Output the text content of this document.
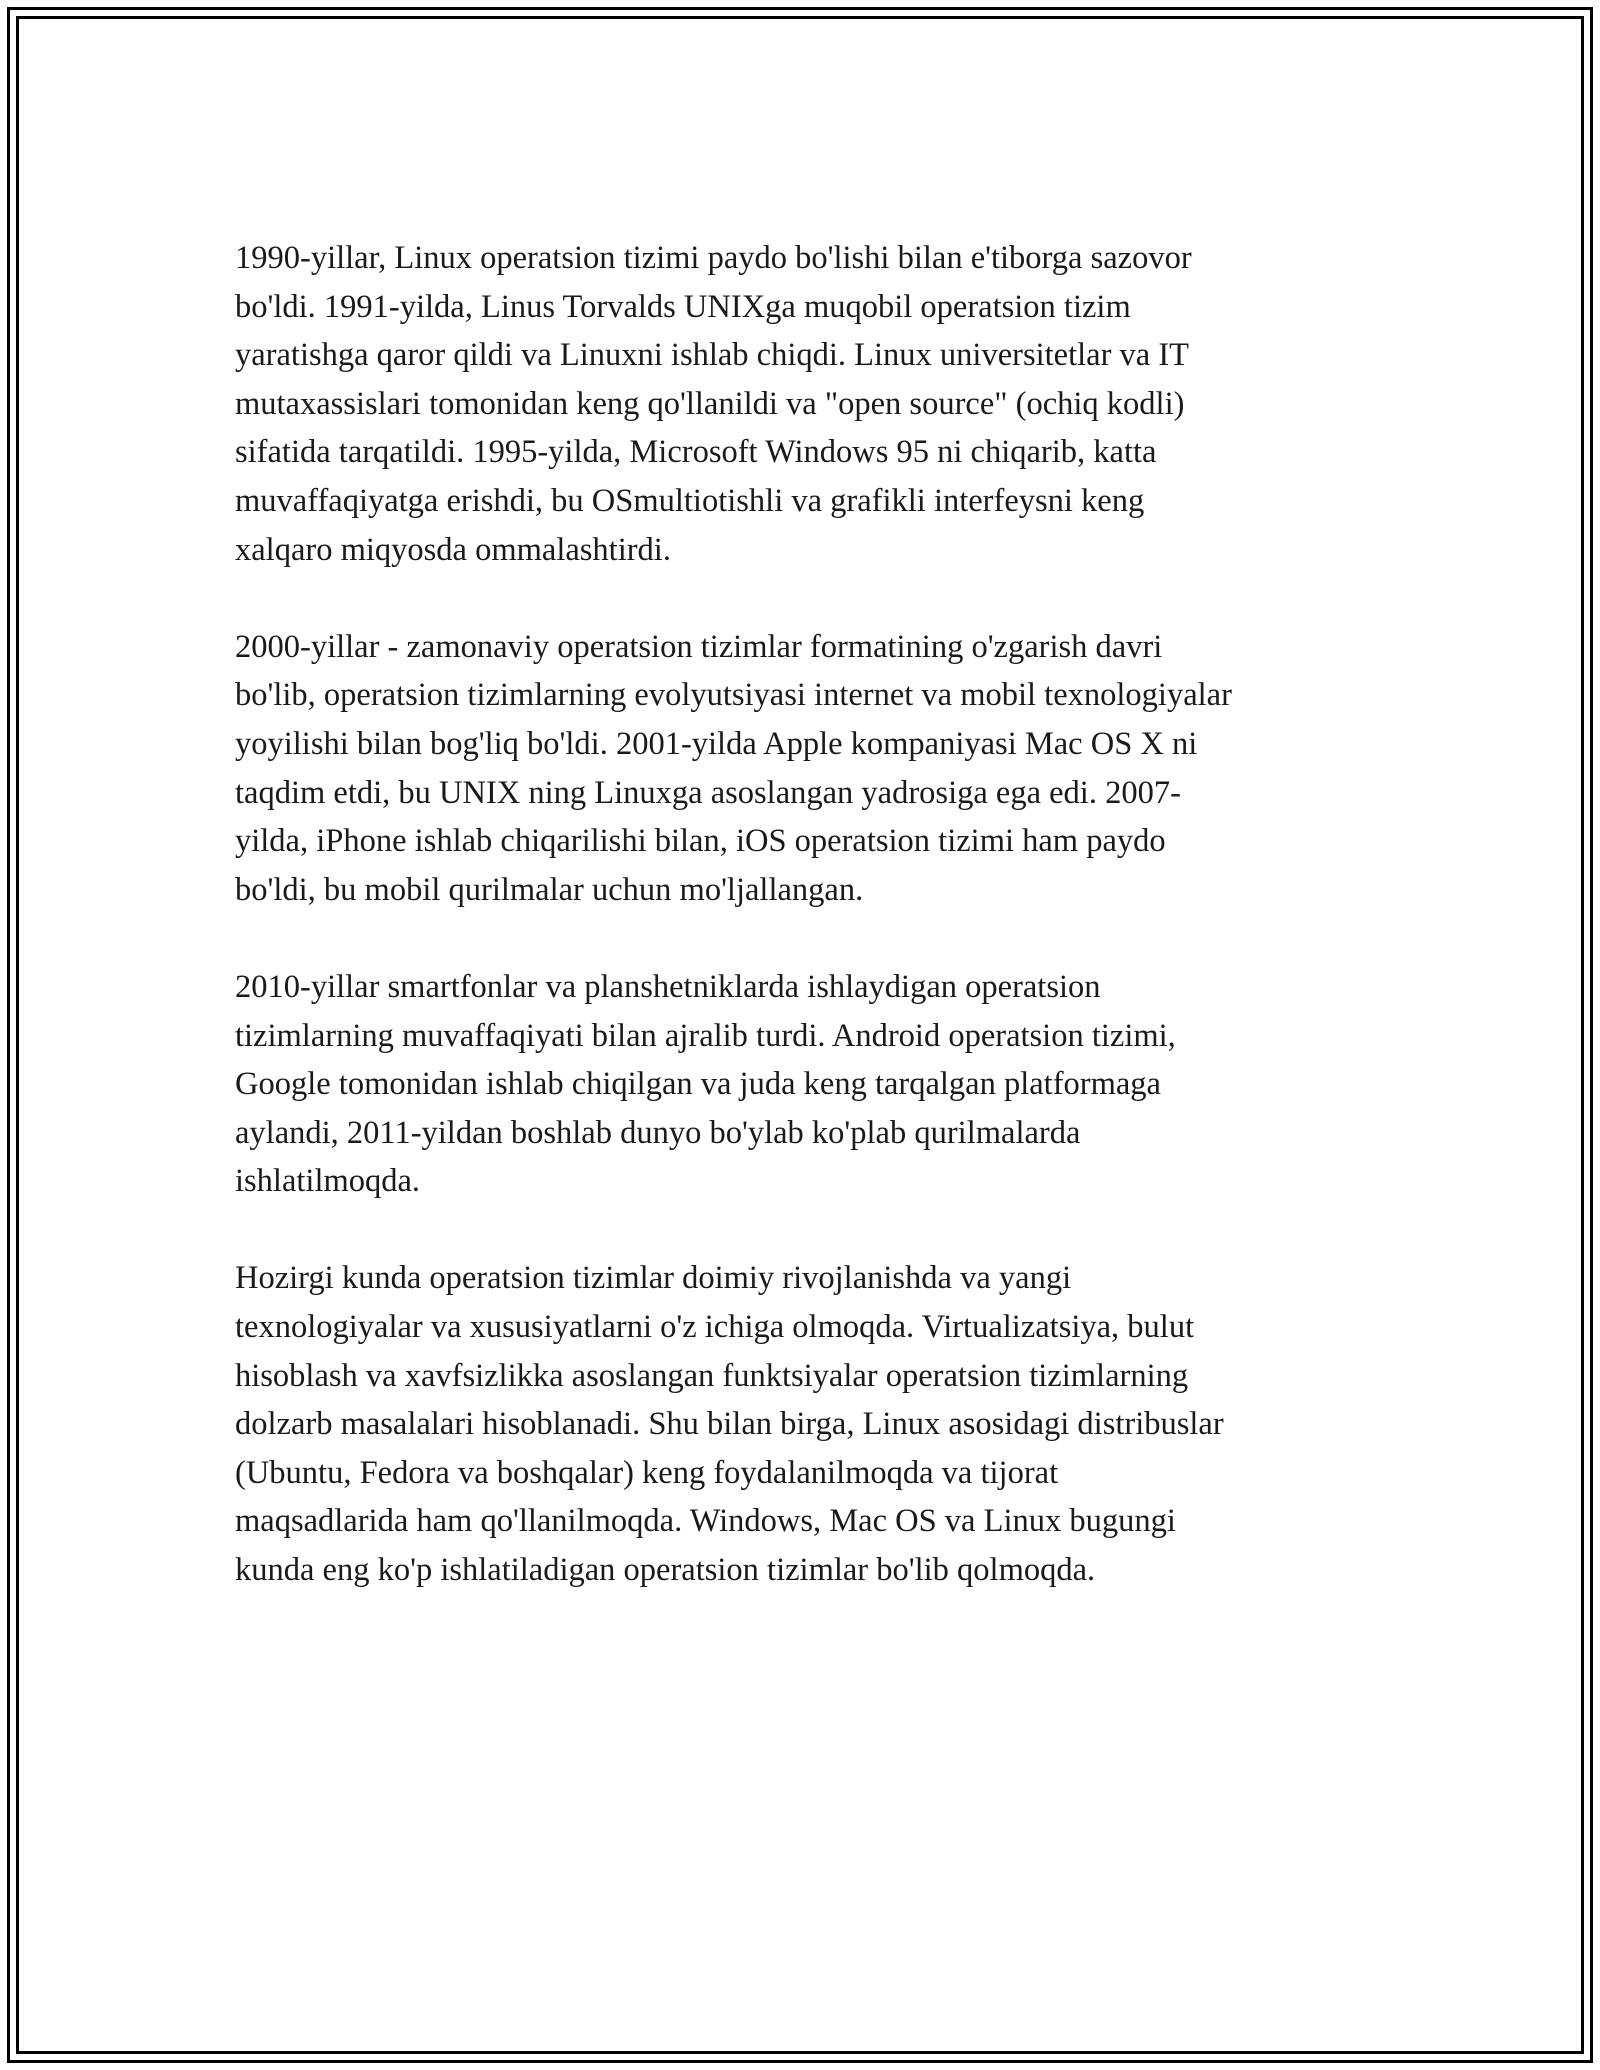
1990-yillar, Linux operatsion tizimi paydo bo'lishi bilan e'tiborga sazovor
bo'ldi. 1991-yilda, Linus Torvalds UNIXga muqobil operatsion tizim
yaratishga qaror qildi va Linuxni ishlab chiqdi. Linux universitetlar va IT
mutaxassislari tomonidan keng qo'llanildi va "open source" (ochiq kodli)
sifatida tarqatildi. 1995-yilda, Microsoft Windows 95 ni chiqarib, katta
muvaffaqiyatga erishdi, bu OSmultiotishli va grafikli interfeysni keng
xalqaro miqyosda ommalashtirdi.

2000-yillar - zamonaviy operatsion tizimlar formatining o'zgarish davri
bo'lib, operatsion tizimlarning evolyutsiyasi internet va mobil texnologiyalar
yoyilishi bilan bog'liq bo'ldi. 2001-yilda Apple kompaniyasi Mac OS X ni
taqdim etdi, bu UNIX ning Linuxga asoslangan yadrosiga ega edi. 2007-
yilda, iPhone ishlab chiqarilishi bilan, iOS operatsion tizimi ham paydo
bo'ldi, bu mobil qurilmalar uchun mo'ljallangan.

2010-yillar smartfonlar va planshetniklarda ishlaydigan operatsion
tizimlarning muvaffaqiyati bilan ajralib turdi. Android operatsion tizimi,
Google tomonidan ishlab chiqilgan va juda keng tarqalgan platformaga
aylandi, 2011-yildan boshlab dunyo bo'ylab ko'plab qurilmalarda
ishlatilmoqda.

Hozirgi kunda operatsion tizimlar doimiy rivojlanishda va yangi
texnologiyalar va xususiyatlarni o'z ichiga olmoqda. Virtualizatsiya, bulut
hisoblash va xavfsizlikka asoslangan funktsiyalar operatsion tizimlarning
dolzarb masalalari hisoblanadi. Shu bilan birga, Linux asosidagi distribuslar
(Ubuntu, Fedora va boshqalar) keng foydalanilmoqda va tijorat
maqsadlarida ham qo'llanilmoqda. Windows, Mac OS va Linux bugungi
kunda eng ko'p ishlatiladigan operatsion tizimlar bo'lib qolmoqda.
